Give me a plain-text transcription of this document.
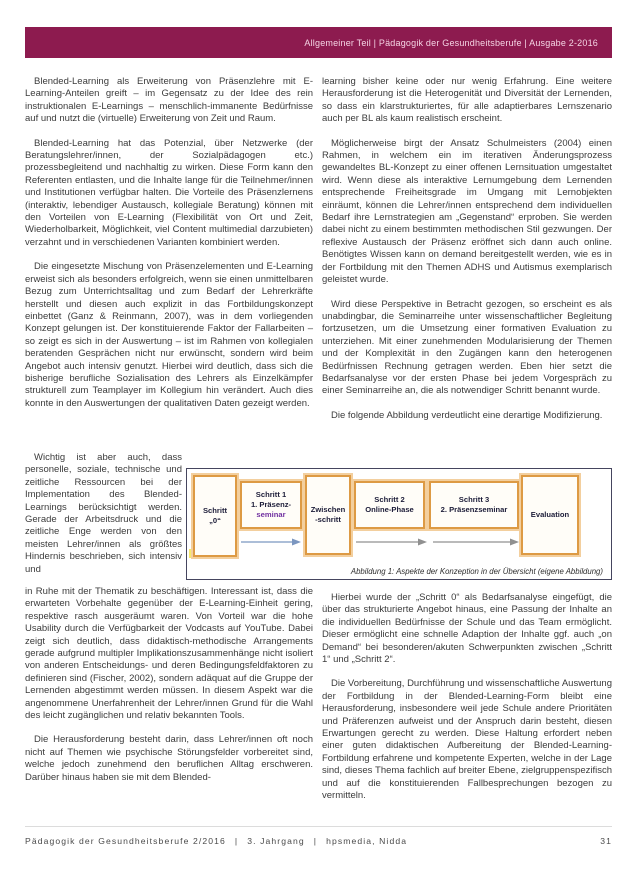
Allgemeiner Teil | Pädagogik der Gesundheitsberufe | Ausgabe 2-2016

Blended-Learning als Erweiterung von Präsenzlehre mit E-Learning-Anteilen greift – im Gegensatz zu der Idee des rein instruktionalen E-Learnings – menschlich-immanente Bedürfnisse auf und nutzt die (virtuelle) Erweiterung von Zeit und Raum.

Blended-Learning hat das Potenzial, über Netzwerke (der Beratungslehrer/innen, der Sozialpädagogen etc.) prozessbegleitend und nachhaltig zu wirken. Diese Form kann den Referenten entlasten, und die Inhalte lange für die Teilnehmer/innen und Institutionen verfügbar halten. Die Vorteile des Präsenzlernens (interaktiv, lebendiger Austausch, kollegiale Beratung) können mit den Vorteilen von E-Learning (Flexibilität von Ort und Zeit, Wiederholbarkeit, Möglichkeit, viel Content multimedial darzubieten) verzahnt und in verschiedenen Varianten kombiniert werden.

Die eingesetzte Mischung von Präsenzelementen und E-Learning erweist sich als besonders erfolgreich, wenn sie einen unmittelbaren Bezug zum Unterrichtsalltag und zum Bedarf der Lehrerkräfte herstellt und diesen auch explizit in das Fortbildungskonzept einbettet (Ganz & Reinmann, 2007), was in dem vorliegenden Konzept gelungen ist. Der konstituierende Faktor der Fallarbeiten – so zeigt es sich in der Auswertung – ist im Rahmen von kollegialen beratenden Gesprächen nicht nur erwünscht, sondern wird beim Angebot auch intensiv genutzt. Hierbei wird deutlich, dass sich die bisherige berufliche Sozialisation des Lehrers als Einzelkämpfer strukturell zum Teamplayer im Kollegium hin verändert. Auch dies konnte in den Auswertungen der qualitativen Daten gezeigt werden.

Wichtig ist aber auch, dass personelle, soziale, technische und zeitliche Ressourcen bei der Implementation des Blended-Learnings berücksichtigt werden. Gerade der Arbeitsdruck und die zeitliche Enge werden von den meisten Lehrer/innen als größtes Hindernis beschrieben, sich intensiv und

in Ruhe mit der Thematik zu beschäftigen. Interessant ist, dass die erwarteten Vorbehalte gegenüber der E-Learning-Einheit gering, respektive rasch ausgeräumt waren. Von Vorteil war die hohe Usability durch die Verfügbarkeit der Vodcasts auf YouTube. Dabei zeigt sich deutlich, dass didaktisch-methodische Arrangements gerade aufgrund multipler Implikationszusammenhänge nicht isoliert von anderen Entscheidungs- und deren Bedingungsfeldfaktoren zu definieren sind (Fischer, 2002), sondern adäquat auf die Gruppe der Lernenden abgestimmt werden müssen. In diesem Aspekt war die angenommene Unerfahrenheit der Lehrer/innen Grund für die Wahl des leicht zugänglichen und relativ bekannten Tools.

Die Herausforderung besteht darin, dass Lehrer/innen oft noch nicht auf Themen wie psychische Störungsfelder vorbereitet sind, welche jedoch zunehmend den beruflichen Alltag erschweren. Darüber hinaus haben sie mit dem Blended-

learning bisher keine oder nur wenig Erfahrung. Eine weitere Herausforderung ist die Heterogenität und Diversität der Lernenden, so dass ein klarstrukturiertes, für alle adaptierbares Lernszenario auch per BL als kaum realistisch erscheint.

Möglicherweise birgt der Ansatz Schulmeisters (2004) einen Rahmen, in welchem ein im iterativen Änderungsprozess gewandeltes BL-Konzept zu einer offenen Lernsituation umgestaltet wird. Wenn diese als interaktive Lernumgebung dem Lernenden entsprechende Freiheitsgrade im Umgang mit Lernobjekten einräumt, können die Lehrer/innen entsprechend dem individuellen Bedarf ihre Lernstrategien am „Gegenstand“ erproben. Sie werden dabei nicht zu einem bestimmten methodischen Stil gezwungen. Der reflexive Austausch der Präsenz eröffnet sich dann auch online. Benötigtes Wissen kann on demand bereitgestellt werden, wie es in der Fortbildung mit den Themen ADHS und Autismus exemplarisch geleistet wurde.

Wird diese Perspektive in Betracht gezogen, so erscheint es als unabdingbar, die Seminarreihe unter wissenschaftlicher Begleitung fortzusetzen, um die Umsetzung einer formativen Evaluation zu unterziehen. Mit einer zunehmenden Modularisierung der Themen und der Komplexität in den Zugängen kann den heterogenen Bedürfnissen Rechnung getragen werden. Eben hier setzt die Bedarfsanalyse vor der ersten Phase bei jedem Vorgespräch zu einer Seminarreihe an, die als notwendiger Schritt benannt wurde.

Die folgende Abbildung verdeutlicht eine derartige Modifizierung.

Hierbei wurde der „Schritt 0“ als Bedarfsanalyse eingefügt, die über das strukturierte Angebot hinaus, eine Passung der Inhalte an die individuellen Bedürfnisse der Schule und das Team ermöglicht. Dieser ermöglicht eine schnelle Adaption der Inhalte ggf. auch „on Demand“ bei besonderen/akuten Schwerpunkten zwischen „Schritt 1“ und „Schritt 2“.

Die Vorbereitung, Durchführung und wissenschaftliche Auswertung der Fortbildung in der Blended-Learning-Form bleibt eine Herausforderung, insbesondere weil jede Schule andere Prioritäten und Präferenzen aufweist und der Anspruch darin besteht, diesen Erwartungen gerecht zu werden. Diese Haltung erfordert neben einer guten didaktischen Aufbereitung der Blended-Learning-Fortbildung erfahrene und kompetente Experten, welche in der Lage sind, dieses Thema fachlich auf breiter Ebene, zielgruppenspezifisch und auf die konstituierenden Fallbesprechungen bezogen zu vermitteln.

Schritt
„0“
Schritt 1
1. Präsenz-
seminar
Zwischen
-schritt
Schritt 2
Online-Phase
Schritt 3
2. Präsenzseminar
Evaluation
Abbildung 1: Aspekte der Konzeption in der Übersicht (eigene Abbildung)
Pädagogik der Gesundheitsberufe 2/2016 | 3. Jahrgang | hpsmedia, Nidda	31
